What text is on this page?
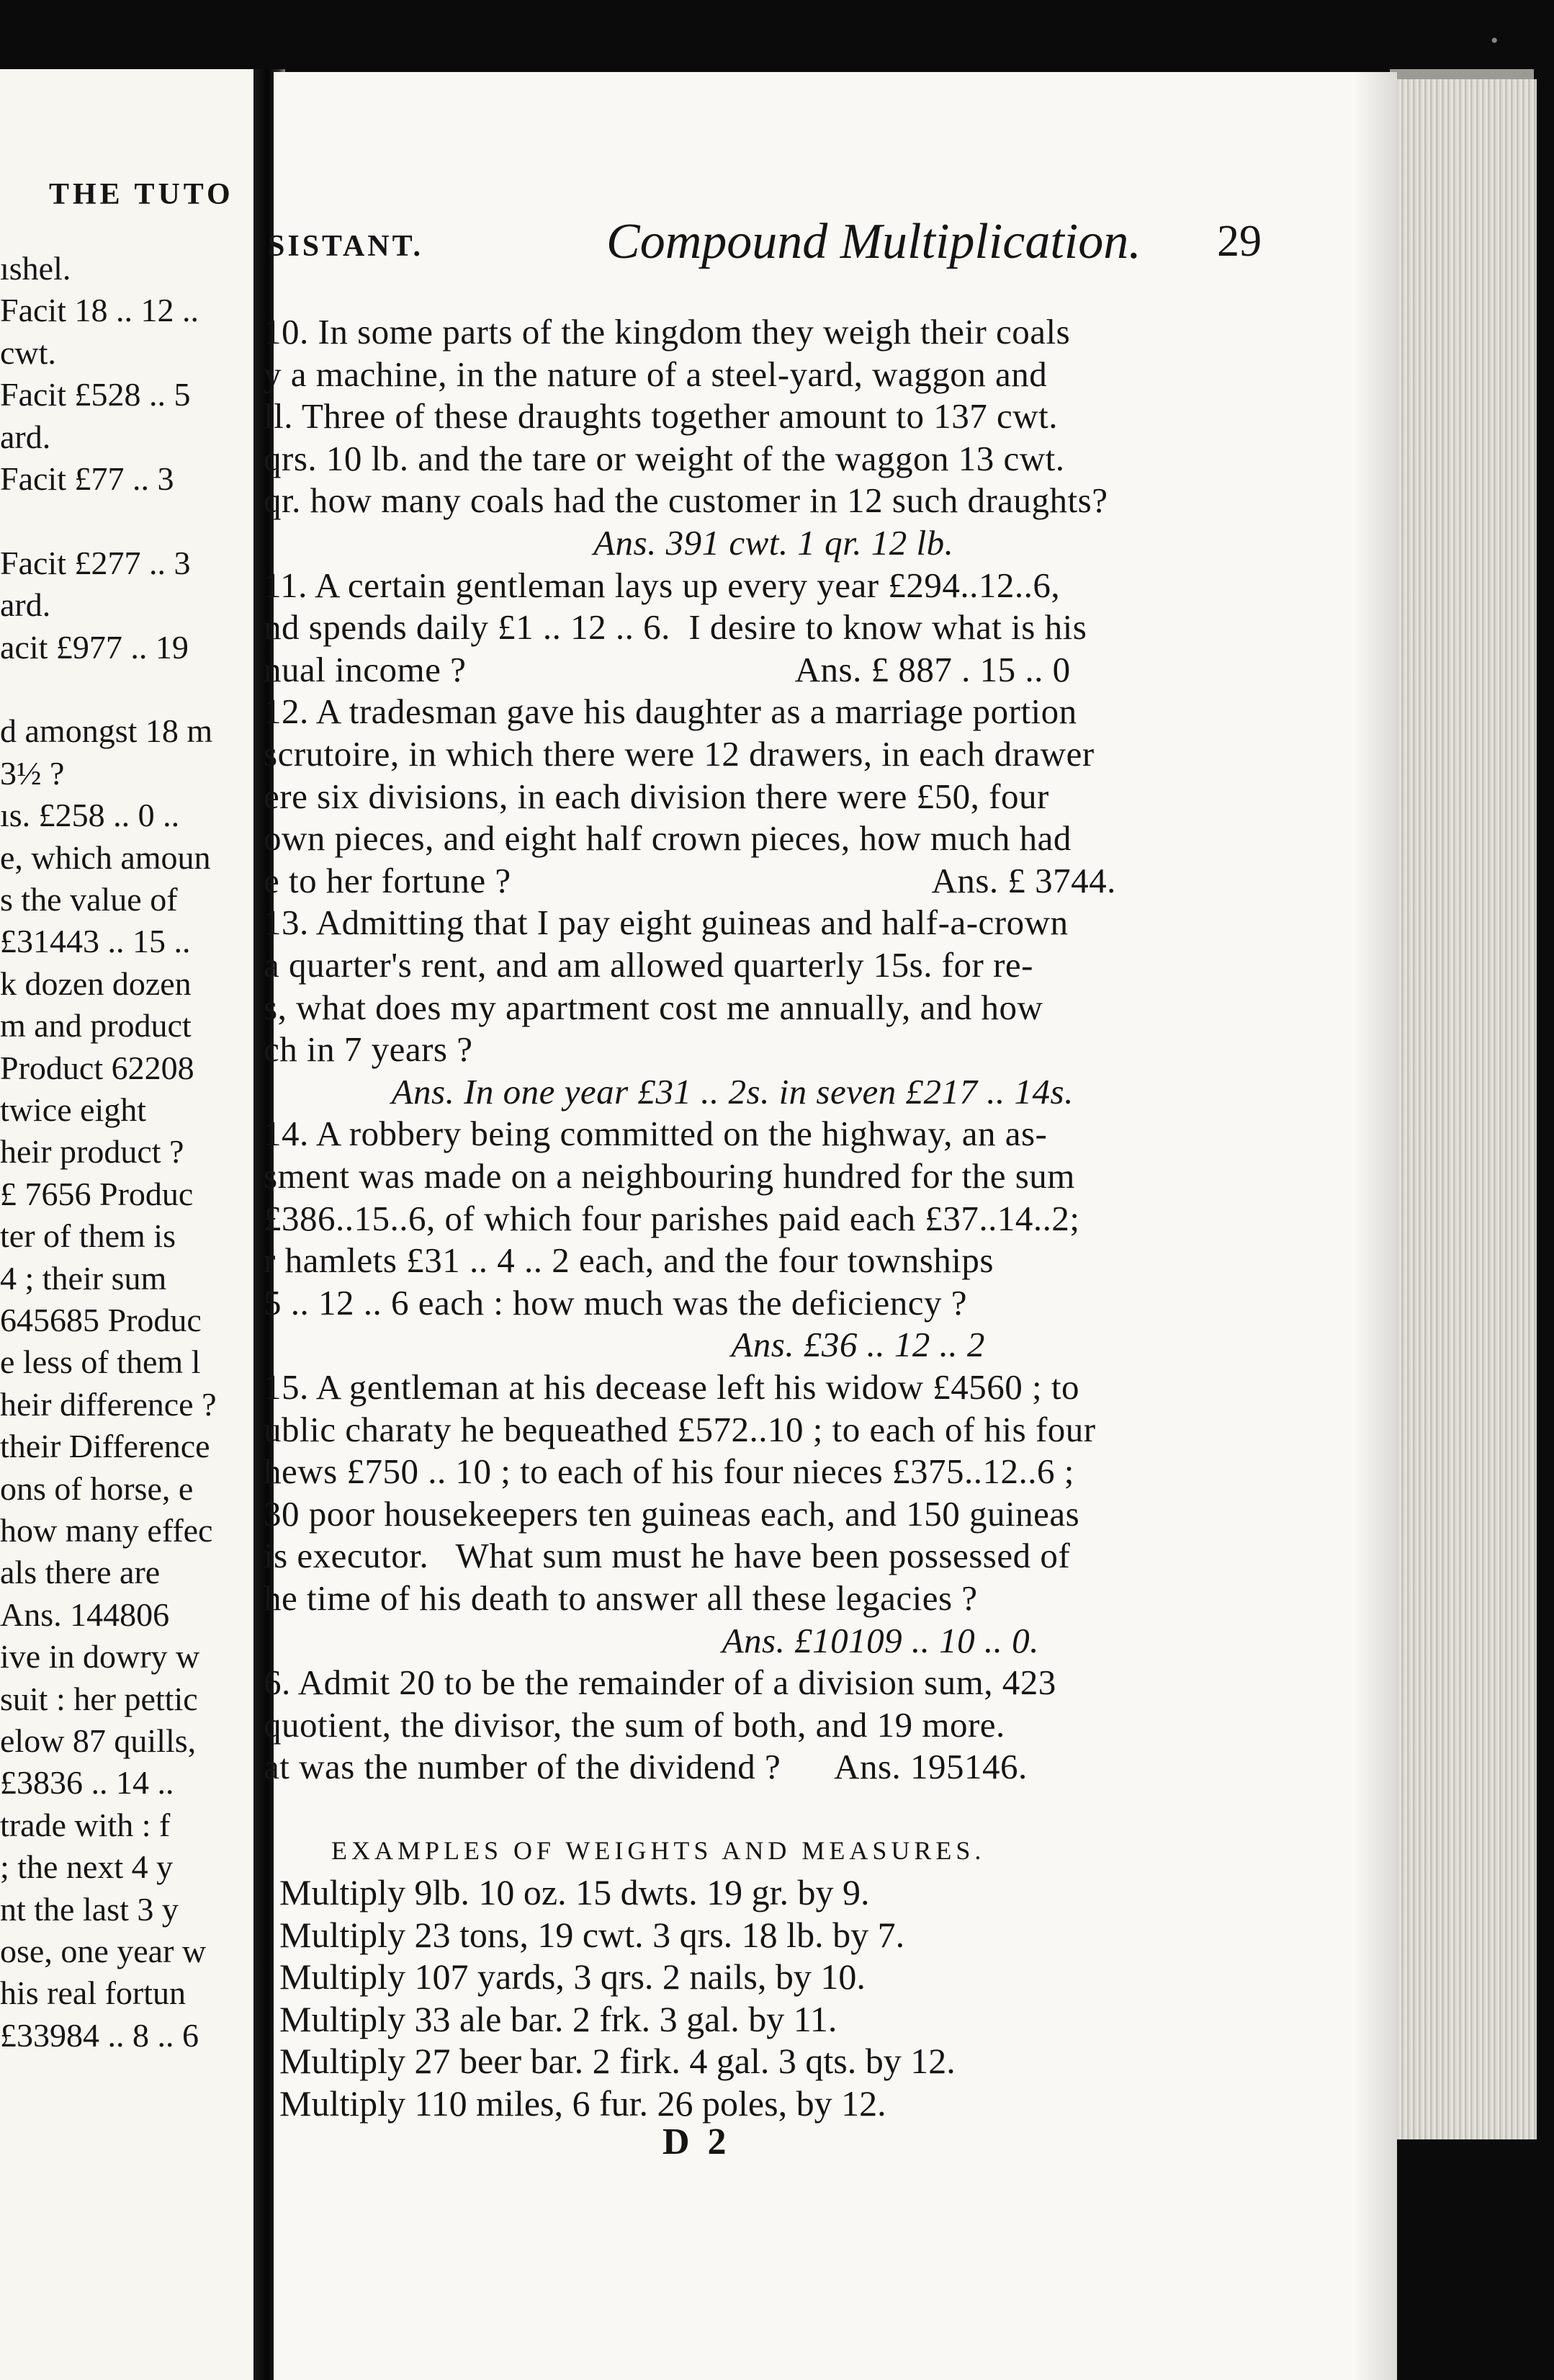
THE TUTO
ıshel.
Facit 18 .. 12 ..
cwt.
Facit £528 .. 5
ard.
Facit £77 .. 3
Facit £277 .. 3
ard.
acit £977 .. 19
d amongst 18 m
3½ ?
ıs. £258 .. 0 ..
e, which amoun
s the value of
£31443 .. 15 ..
k dozen dozen
m and product
Product 62208
twice eight
heir product ?
£ 7656 Produc
ter of them is
4 ; their sum
645685 Produc
e less of them l
heir difference ?
their Difference
ons of horse, e
how many effec
als there are
Ans. 144806
ive in dowry w
suit : her pettic
elow 87 quills,
£3836 .. 14 ..
trade with : f
; the next 4 y
nt the last 3 y
ose, one year w
his real fortun
£33984 .. 8 .. 6
•
SISTANT.	Compound Multiplication. 29
10. In some parts of the kingdom they weigh their coals
y a machine, in the nature of a steel-yard, waggon and
ll. Three of these draughts together amount to 137 cwt.
qrs. 10 lb. and the tare or weight of the waggon 13 cwt.
qr. how many coals had the customer in 12 such draughts?
Ans. 391 cwt. 1 qr. 12 lb.
11. A certain gentleman lays up every year £294..12..6,
nd spends daily £1 .. 12 .. 6.  I desire to know what is his
nual income ?                                    Ans. £ 887 . 15 .. 0
12. A tradesman gave his daughter as a marriage portion
scrutoire, in which there were 12 drawers, in each drawer
ere six divisions, in each division there were £50, four
own pieces, and eight half crown pieces, how much had
e to her fortune ?                                              Ans. £ 3744.
13. Admitting that I pay eight guineas and half-a-crown
a quarter's rent, and am allowed quarterly 15s. for re-
s, what does my apartment cost me annually, and how
ch in 7 years ?
Ans. In one year £31 .. 2s. in seven £217 .. 14s.
14. A robbery being committed on the highway, an as-
sment was made on a neighbouring hundred for the sum
£386..15..6, of which four parishes paid each £37..14..2;
r hamlets £31 .. 4 .. 2 each, and the four townships
5 .. 12 .. 6 each : how much was the deficiency ?
Ans. £36 .. 12 .. 2
15. A gentleman at his decease left his widow £4560 ; to
ublic charaty he bequeathed £572..10 ; to each of his four
hews £750 .. 10 ; to each of his four nieces £375..12..6 ;
30 poor housekeepers ten guineas each, and 150 guineas
is executor.   What sum must he have been possessed of
he time of his death to answer all these legacies ?
Ans. £10109 .. 10 .. 0.
6. Admit 20 to be the remainder of a division sum, 423
quotient, the divisor, the sum of both, and 19 more.
at was the number of the dividend ?      Ans. 195146.
EXAMPLES OF WEIGHTS AND MEASURES.
Multiply 9lb. 10 oz. 15 dwts. 19 gr. by 9.
Multiply 23 tons, 19 cwt. 3 qrs. 18 lb. by 7.
Multiply 107 yards, 3 qrs. 2 nails, by 10.
Multiply 33 ale bar. 2 frk. 3 gal. by 11.
Multiply 27 beer bar. 2 firk. 4 gal. 3 qts. by 12.
Multiply 110 miles, 6 fur. 26 poles, by 12.
D 2
